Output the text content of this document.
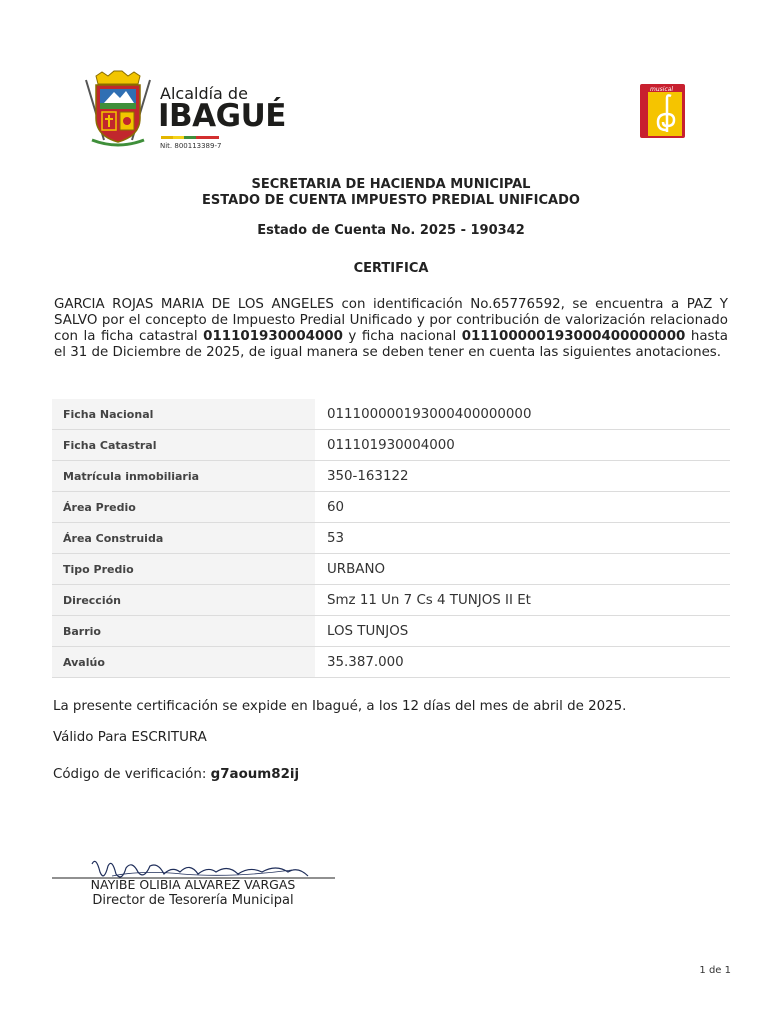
Alcaldía de
IBAGUÉ
Nit. 800113389-7
musical
SECRETARIA DE HACIENDA MUNICIPAL
ESTADO DE CUENTA IMPUESTO PREDIAL UNIFICADO
Estado de Cuenta No. 2025 - 190342
CERTIFICA

GARCIA ROJAS MARIA DE LOS ANGELES con identificación No.65776592, se encuentra a PAZ Y SALVO por el concepto de Impuesto Predial Unificado y por contribución de valorización relacionado con la ficha catastral 011101930004000 y ficha nacional 011100000193000400000000 hasta el 31 de Diciembre de 2025, de igual manera se deben tener en cuenta las siguientes anotaciones.

Ficha Nacional	011100000193000400000000
Ficha Catastral	011101930004000
Matrícula inmobiliaria	350-163122
Área Predio	60
Área Construida	53
Tipo Predio	URBANO
Dirección	Smz 11 Un 7 Cs 4 TUNJOS II Et
Barrio	LOS TUNJOS
Avalúo	35.387.000
La presente certificación se expide en Ibagué, a los 12 días del mes de abril de 2025.
Válido Para ESCRITURA
Código de verificación: g7aoum82ij
NAYIBE OLIBIA ALVAREZ VARGAS
Director de Tesorería Municipal
1 de 1
